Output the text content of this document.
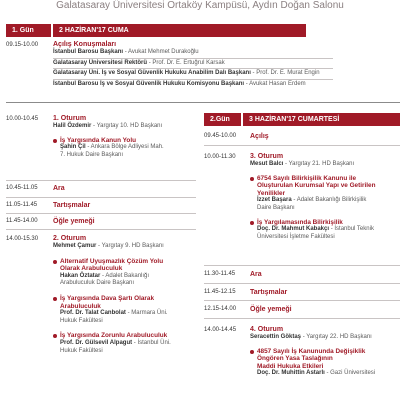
Galatasaray Üniversitesi Ortaköy Kampüsü, Aydın Doğan Salonu
1. Gün	2 HAZİRAN'17 CUMA
09.15-10.00 Açılış Konuşmaları
İstanbul Barosu Başkanı - Avukat Mehmet Durakoğlu
Galatasaray Üniversitesi Rektörü - Prof. Dr. E. Ertuğrul Karsak
Galatasaray Üni. İş ve Sosyal Güvenlik Hukuku Anabilim Dalı Başkanı - Prof. Dr. E. Murat Engin
İstanbul Barosu İş ve Sosyal Güvenlik Hukuku Komisyonu Başkanı - Avukat Hasan Erdem
10.00-10.45 1. Oturum
Halil Özdemir - Yargıtay 10. HD Başkanı
İş Yargısında Kanun Yolu
Şahin Çil - Ankara Bölge Adliyesi Mah.
7. Hukuk Daire Başkanı
10.45-11.05 Ara
11.05-11.45 Tartışmalar
11.45-14.00 Öğle yemeği
14.00-15.30 2. Oturum
Mehmet Çamur - Yargıtay 9. HD Başkanı
Alternatif Uyuşmazlık Çözüm Yolu
Olarak Arabuluculuk
Hakan Öztatar - Adalet Bakanlığı
Arabuluculuk Daire Başkanı
İş Yargısında Dava Şartı Olarak
Arabuluculuk
Prof. Dr. Talat Canbolat - Marmara Üni.
Hukuk Fakültesi
İş Yargısında Zorunlu Arabuluculuk
Prof. Dr. Gülsevil Alpagut - İstanbul Üni.
Hukuk Fakültesi
2.Gün	3 HAZİRAN'17 CUMARTESİ
09.45-10.00 Açılış
10.00-11.30 3. Oturum
Mesut Balcı - Yargıtay 21. HD Başkanı
6754 Sayılı Bilirkişilik Kanunu ile
Oluşturulan Kurumsal Yapı ve Getirilen
Yenilikler
İzzet Başara - Adalet Bakanlığı Bilirkişilik
Daire Başkanı
İş Yargılamasında Bilirkişilik
Doç. Dr. Mahmut Kabakçı - İstanbul Teknik
Üniversitesi İşletme Fakültesi
11.30-11.45 Ara
11.45-12.15 Tartışmalar
12.15-14.00 Öğle yemeği
14.00-14.45 4. Oturum
Seracettin Göktaş - Yargıtay 22. HD Başkanı
4857 Sayılı İş Kanununda Değişiklik
Öngören Yasa Taslağının
Maddi Hukuka Etkileri
Doç. Dr. Muhittin Astarlı - Gazi Üniversitesi
